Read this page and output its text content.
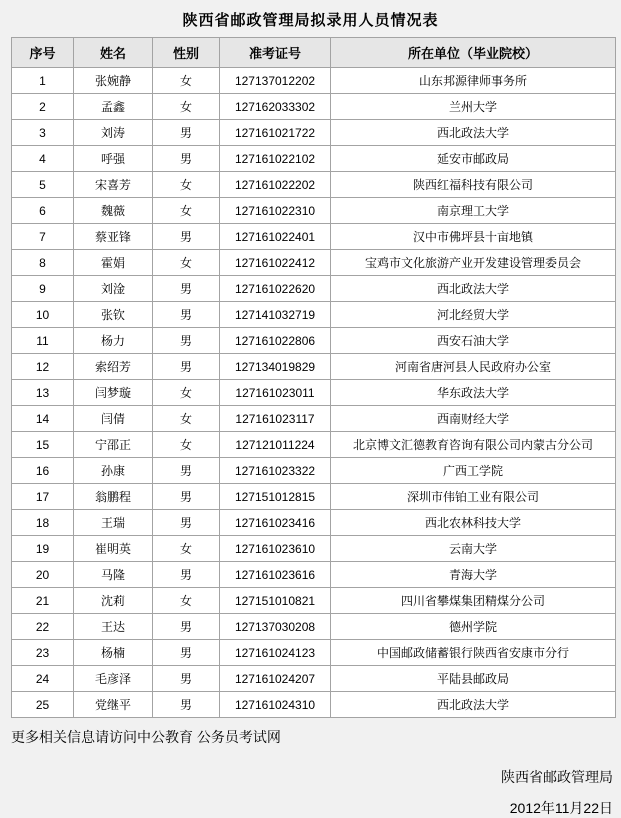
陕西省邮政管理局拟录用人员情况表
序号	姓名	性别	准考证号	所在单位（毕业院校）
1	张婉静	女	127137012202	山东邦源律师事务所
2	孟鑫	女	127162033302	兰州大学
3	刘涛	男	127161021722	西北政法大学
4	呼强	男	127161022102	延安市邮政局
5	宋喜芳	女	127161022202	陕西红福科技有限公司
6	魏薇	女	127161022310	南京理工大学
7	蔡亚锋	男	127161022401	汉中市佛坪县十亩地镇
8	霍娟	女	127161022412	宝鸡市文化旅游产业开发建设管理委员会
9	刘淦	男	127161022620	西北政法大学
10	张钦	男	127141032719	河北经贸大学
11	杨力	男	127161022806	西安石油大学
12	索绍芳	男	127134019829	河南省唐河县人民政府办公室
13	闫梦璇	女	127161023011	华东政法大学
14	闫倩	女	127161023117	西南财经大学
15	宁邵正	女	127121011224	北京博文汇德教育咨询有限公司内蒙古分公司
16	孙康	男	127161023322	广西工学院
17	翁鹏程	男	127151012815	深圳市伟铂工业有限公司
18	王瑞	男	127161023416	西北农林科技大学
19	崔明英	女	127161023610	云南大学
20	马隆	男	127161023616	青海大学
21	沈莉	女	127151010821	四川省攀煤集团精煤分公司
22	王达	男	127137030208	德州学院
23	杨楠	男	127161024123	中国邮政储蓄银行陕西省安康市分行
24	毛彦泽	男	127161024207	平陆县邮政局
25	党继平	男	127161024310	西北政法大学
更多相关信息请访问中公教育 公务员考试网
陕西省邮政管理局
2012年11月22日
